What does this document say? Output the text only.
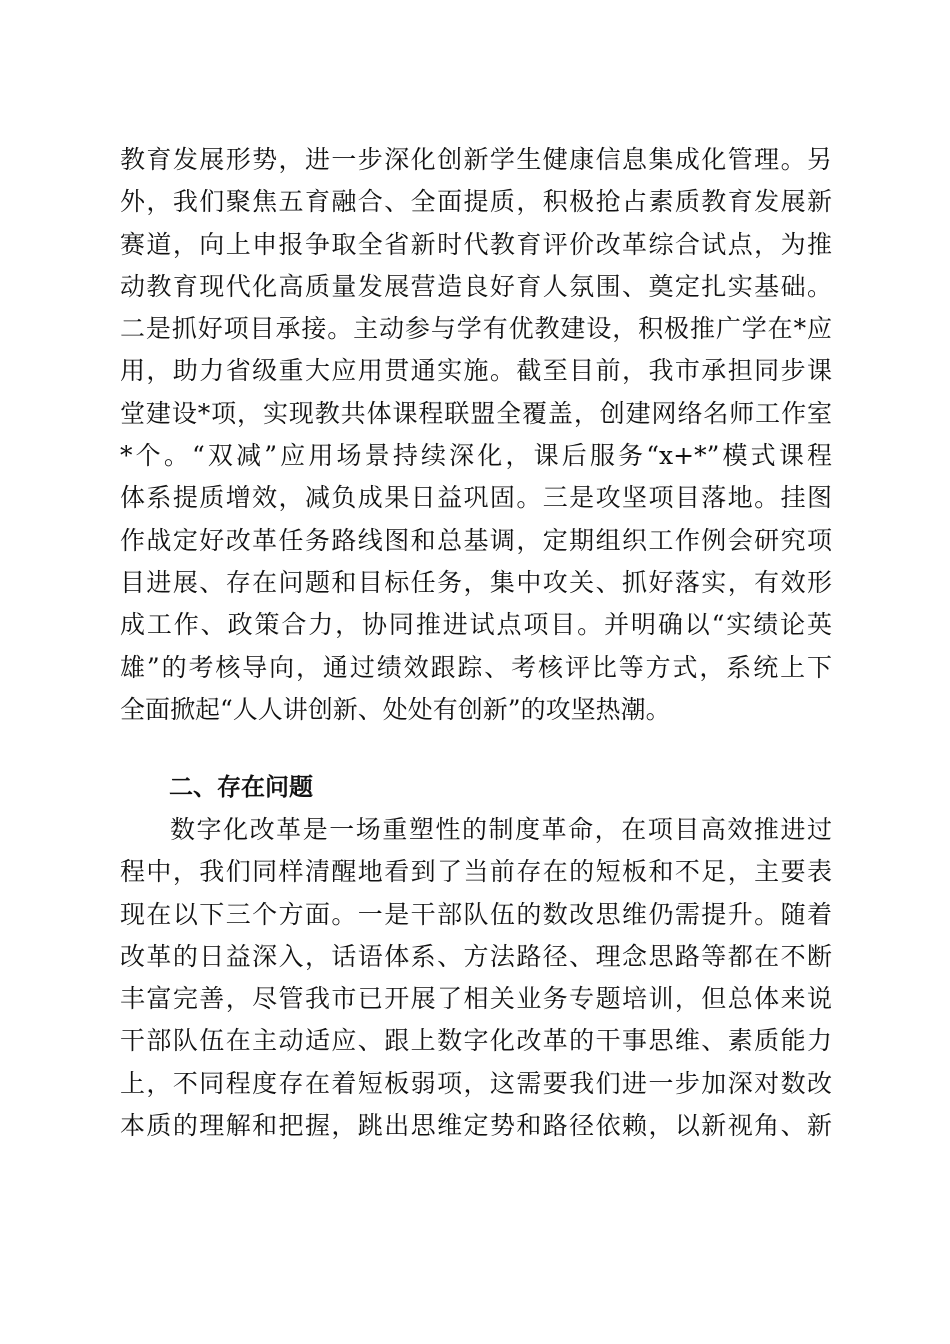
教育发展形势，进一步深化创新学生健康信息集成化管理。另
外，我们聚焦五育融合、全面提质，积极抢占素质教育发展新
赛道，向上申报争取全省新时代教育评价改革综合试点，为推
动教育现代化高质量发展营造良好育人氛围、奠定扎实基础。
二是抓好项目承接。主动参与学有优教建设，积极推广学在*应
用，助力省级重大应用贯通实施。截至目前，我市承担同步课
堂建设*项，实现教共体课程联盟全覆盖，创建网络名师工作室
*个。“双减”应用场景持续深化，课后服务“x+*”模式课程
体系提质增效，减负成果日益巩固。三是攻坚项目落地。挂图
作战定好改革任务路线图和总基调，定期组织工作例会研究项
目进展、存在问题和目标任务，集中攻关、抓好落实，有效形
成工作、政策合力，协同推进试点项目。并明确以“实绩论英
雄”的考核导向，通过绩效跟踪、考核评比等方式，系统上下
全面掀起“人人讲创新、处处有创新”的攻坚热潮。
二、存在问题
数字化改革是一场重塑性的制度革命，在项目高效推进过
程中，我们同样清醒地看到了当前存在的短板和不足，主要表
现在以下三个方面。一是干部队伍的数改思维仍需提升。随着
改革的日益深入，话语体系、方法路径、理念思路等都在不断
丰富完善，尽管我市已开展了相关业务专题培训，但总体来说
干部队伍在主动适应、跟上数字化改革的干事思维、素质能力
上，不同程度存在着短板弱项，这需要我们进一步加深对数改
本质的理解和把握，跳出思维定势和路径依赖，以新视角、新
